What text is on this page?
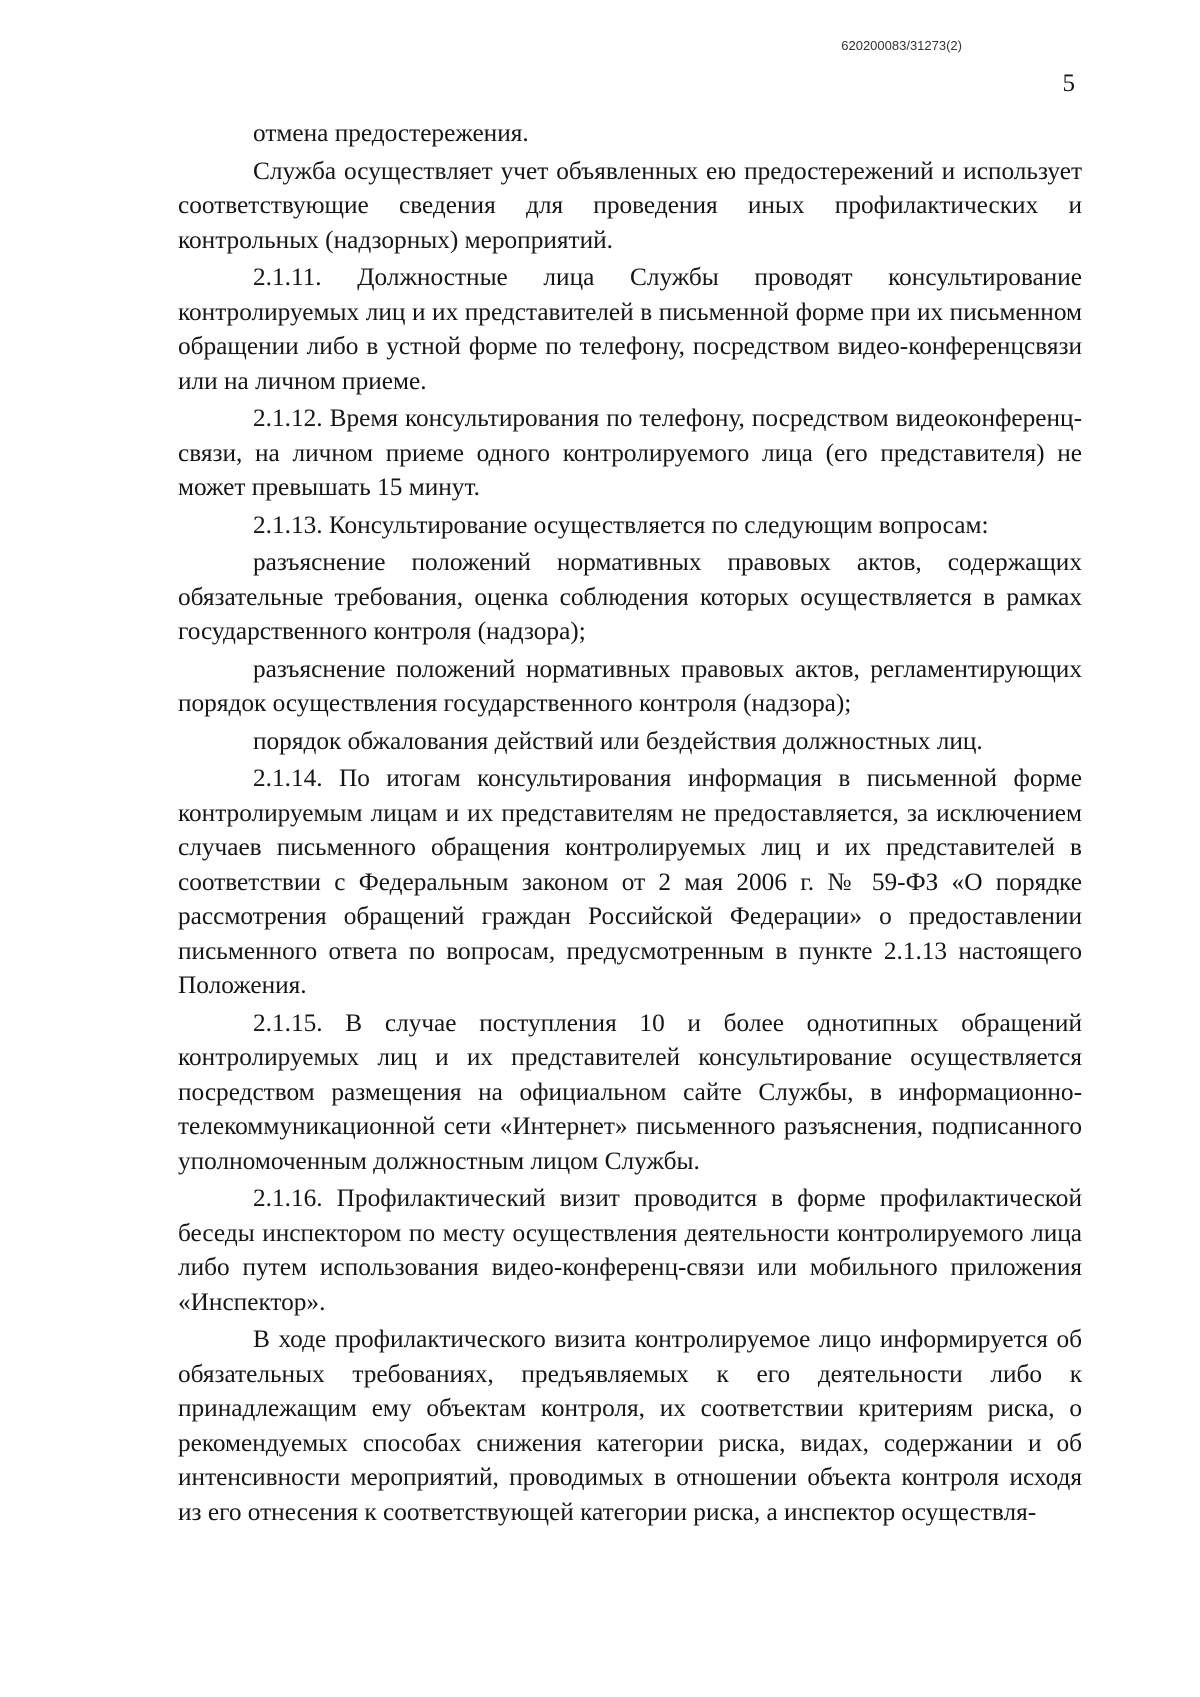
620200083/31273(2)
5

отмена предостережения.

Служба осуществляет учет объявленных ею предостережений и использует соответствующие сведения для проведения иных профилактических и контрольных (надзорных) мероприятий.

2.1.11. Должностные лица Службы проводят консультирование контролируемых лиц и их представителей в письменной форме при их письменном обращении либо в устной форме по телефону, посредством видео-конференцсвязи или на личном приеме.

2.1.12. Время консультирования по телефону, посредством видеоконференц-связи, на личном приеме одного контролируемого лица (его представителя) не может превышать 15 минут.

2.1.13. Консультирование осуществляется по следующим вопросам:

разъяснение положений нормативных правовых актов, содержащих обязательные требования, оценка соблюдения которых осуществляется в рамках государственного контроля (надзора);

разъяснение положений нормативных правовых актов, регламентирующих порядок осуществления государственного контроля (надзора);

порядок обжалования действий или бездействия должностных лиц.

2.1.14. По итогам консультирования информация в письменной форме контролируемым лицам и их представителям не предоставляется, за исключением случаев письменного обращения контролируемых лиц и их представителей в соответствии с Федеральным законом от 2 мая 2006 г. № 59-ФЗ «О порядке рассмотрения обращений граждан Российской Федерации» о предоставлении письменного ответа по вопросам, предусмотренным в пункте 2.1.13 настоящего Положения.

2.1.15. В случае поступления 10 и более однотипных обращений контролируемых лиц и их представителей консультирование осуществляется посредством размещения на официальном сайте Службы, в информационно-телекоммуникационной сети «Интернет» письменного разъяснения, подписанного уполномоченным должностным лицом Службы.

2.1.16. Профилактический визит проводится в форме профилактической беседы инспектором по месту осуществления деятельности контролируемого лица либо путем использования видео-конференц-связи или мобильного приложения «Инспектор».

В ходе профилактического визита контролируемое лицо информируется об обязательных требованиях, предъявляемых к его деятельности либо к принадлежащим ему объектам контроля, их соответствии критериям риска, о рекомендуемых способах снижения категории риска, видах, содержании и об интенсивности мероприятий, проводимых в отношении объекта контроля исходя из его отнесения к соответствующей категории риска, а инспектор осуществля-
